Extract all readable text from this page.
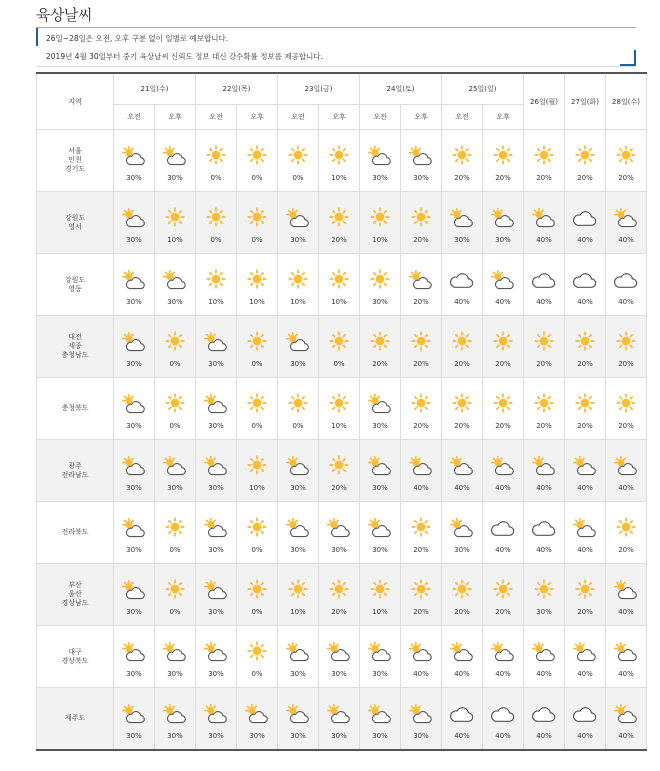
육상날씨
26일~28일은 오전, 오후 구분 없이 일별로 예보합니다.
2019년 4월 30일부터 중기 육상날씨 신뢰도 정보 대신 강수확률 정보를 제공합니다.
지역	21일(수)		22일(목)		23일(금)		24일(토)		25일(일)		26일(월)	27일(화)	28일(수)
	오전	오후	오전	오후	오전	오후	오전	오후	오전	오후			

서울
인천
경기도	30%	30%	0%	0%	0%	10%	30%	30%	20%	20%	20%	20%	20%

강원도
영서	30%	10%	0%	0%	30%	20%	10%	20%	30%	30%	40%	40%	40%

강원도
영동	30%	30%	10%	10%	10%	10%	30%	20%	40%	40%	40%	40%	40%

대전
세종
충청남도	30%	0%	30%	0%	30%	0%	20%	20%	20%	20%	20%	20%	20%

충청북도	30%	0%	30%	0%	0%	10%	30%	20%	20%	20%	20%	20%	20%

광주
전라남도	30%	30%	30%	10%	30%	20%	30%	40%	40%	40%	40%	40%	40%

전라북도	30%	0%	30%	0%	30%	30%	30%	20%	30%	40%	40%	40%	20%

부산
울산
경상남도	30%	0%	30%	0%	10%	20%	10%	20%	20%	20%	30%	20%	40%

대구
경상북도	30%	30%	30%	0%	30%	30%	30%	40%	40%	40%	40%	40%	40%

제주도	30%	30%	30%	30%	30%	30%	30%	30%	40%	40%	40%	40%	40%
